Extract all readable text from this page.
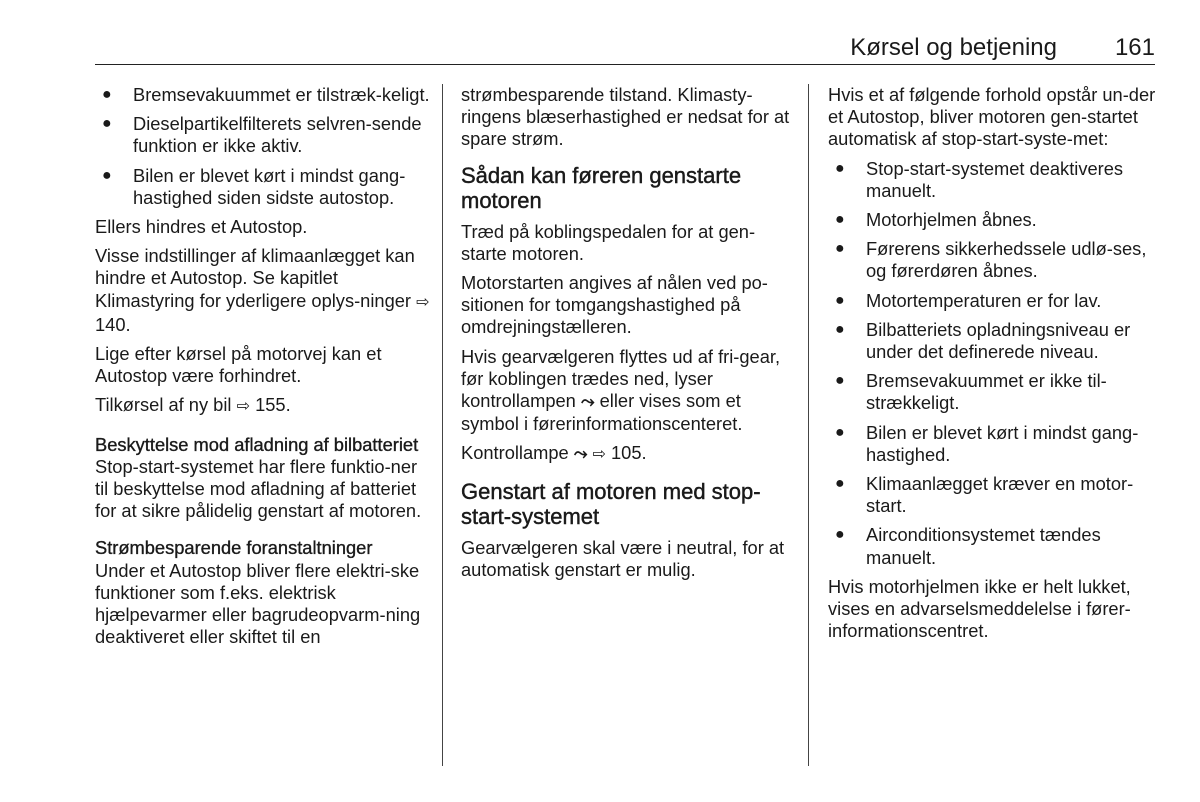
Kørsel og betjening 161
● Bremsevakuummet er tilstræk-keligt.
● Dieselpartikelfilterets selvren-sende funktion er ikke aktiv.
● Bilen er blevet kørt i mindst gang-hastighed siden sidste autostop.

Ellers hindres et Autostop.

Visse indstillinger af klimaanlægget kan hindre et Autostop. Se kapitlet Klimastyring for yderligere oplys-ninger ⇨ 140.

Lige efter kørsel på motorvej kan et Autostop være forhindret.

Tilkørsel af ny bil ⇨ 155.

Beskyttelse mod afladning af bilbatteriet

Stop-start-systemet har flere funktio-ner til beskyttelse mod afladning af batteriet for at sikre pålidelig genstart af motoren.

Strømbesparende foranstaltninger

Under et Autostop bliver flere elektri-ske funktioner som f.eks. elektrisk hjælpevarmer eller bagrudeopvarm-ning deaktiveret eller skiftet til en

strømbesparende tilstand. Klimasty-ringens blæserhastighed er nedsat for at spare strøm.

Sådan kan føreren genstarte motoren

Træd på koblingspedalen for at gen-starte motoren.

Motorstarten angives af nålen ved po-sitionen for tomgangshastighed på omdrejningstælleren.

Hvis gearvælgeren flyttes ud af fri-gear, før koblingen trædes ned, lyser kontrollampen ⤳ eller vises som et symbol i førerinformationscenteret.

Kontrollampe ⤳ ⇨ 105.

Genstart af motoren med stop-start-systemet

Gearvælgeren skal være i neutral, for at automatisk genstart er mulig.

Hvis et af følgende forhold opstår un-der et Autostop, bliver motoren gen-startet automatisk af stop-start-syste-met:

● Stop-start-systemet deaktiveres manuelt.
● Motorhjelmen åbnes.
● Førerens sikkerhedssele udlø-ses, og førerdøren åbnes.
● Motortemperaturen er for lav.
● Bilbatteriets opladningsniveau er under det definerede niveau.
● Bremsevakuummet er ikke til-strækkeligt.
● Bilen er blevet kørt i mindst gang-hastighed.
● Klimaanlægget kræver en motor-start.
● Airconditionsystemet tændes manuelt.

Hvis motorhjelmen ikke er helt lukket, vises en advarselsmeddelelse i fører-informationscentret.
